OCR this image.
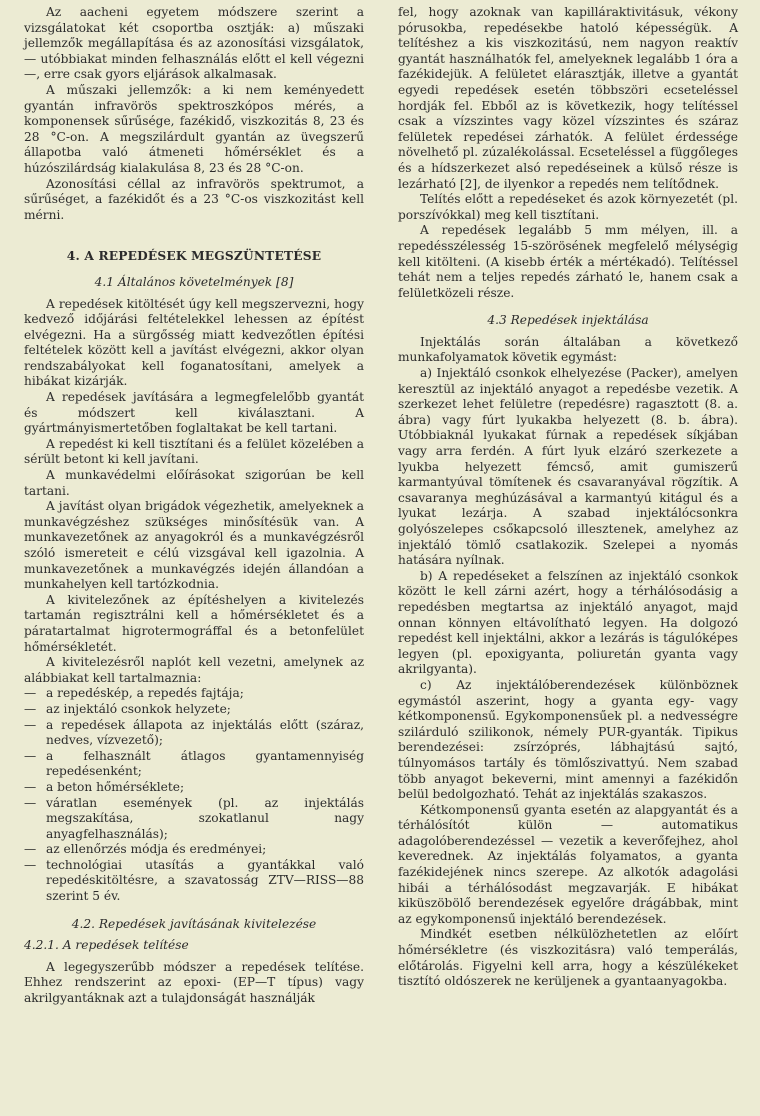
Az aacheni egyetem módszere szerint a vizsgálatokat két csoportba osztják: a) műszaki jellemzők megállapítása és az azonosítási vizsgálatok, — utóbbiakat minden felhasználás előtt el kell végezni —, erre csak gyors eljárások alkalmasak.

A műszaki jellemzők: a ki nem keményedett gyantán infravörös spektroszkópos mérés, a komponensek sűrűsége, fazékidő, viszkozitás 8, 23 és 28 °C-on. A megszilárdult gyantán az üvegszerű állapotba való átmeneti hőmérséklet és a húzószilárdság kialakulása 8, 23 és 28 °C-on.

Azonosítási céllal az infravörös spektrumot, a sűrűséget, a fazékidőt és a 23 °C-os viszkozitást kell mérni.

4. A REPEDÉSEK MEGSZÜNTETÉSE

4.1 Általános követelmények [8]

A repedések kitöltését úgy kell megszervezni, hogy kedvező időjárási feltételekkel lehessen az építést elvégezni. Ha a sürgősség miatt kedvezőtlen építési feltételek között kell a javítást elvégezni, akkor olyan rendszabályokat kell foganatosítani, amelyek a hibákat kizárják.

A repedések javítására a legmegfelelőbb gyantát és módszert kell kiválasztani. A gyártmányismertetőben foglaltakat be kell tartani.

A repedést ki kell tisztítani és a felület közelében a sérült betont ki kell javítani.

A munkavédelmi előírásokat szigorúan be kell tartani.

A javítást olyan brigádok végezhetik, amelyeknek a munkavégzéshez szükséges minősítésük van. A munkavezetőnek az anyagokról és a munkavégzésről szóló ismereteit e célú vizsgával kell igazolnia. A munkavezetőnek a munkavégzés idején állandóan a munkahelyen kell tartózkodnia.

A kivitelezőnek az építéshelyen a kivitelezés tartamán regisztrálni kell a hőmérsékletet és a páratartalmat higrotermográffal és a betonfelület hőmérsékletét.

A kivitelezésről naplót kell vezetni, amelynek az alábbiakat kell tartalmaznia:

— a repedéskép, a repedés fajtája;
— az injektáló csonkok helyzete;
— a repedések állapota az injektálás előtt (száraz, nedves, vízvezető);
— a felhasznált átlagos gyantamennyiség repedésenként;
— a beton hőmérséklete;
— váratlan események (pl. az injektálás megszakítása, szokatlanul nagy anyagfelhasználás);
— az ellenőrzés módja és eredményei;
— technológiai utasítás a gyantákkal való repedéskitöltésre, a szavatosság ZTV—RISS—88 szerint 5 év.

4.2. Repedések javításának kivitelezése

4.2.1. A repedések telítése

A legegyszerűbb módszer a repedések telítése. Ehhez rendszerint az epoxi- (EP—T típus) vagy akrilgyantáknak azt a tulajdonságát használják

fel, hogy azoknak van kapilláraktivitásuk, vékony pórusokba, repedésekbe hatoló képességük. A telítéshez a kis viszkozitású, nem nagyon reaktív gyantát használhatók fel, amelyeknek legalább 1 óra a fazékidejük. A felületet elárasztják, illetve a gyantát egyedi repedések esetén többszöri ecseteléssel hordják fel. Ebből az is következik, hogy telítéssel csak a vízszintes vagy közel vízszintes és száraz felületek repedései zárhatók. A felület érdessége növelhető pl. zúzalékolással. Ecseteléssel a függőleges és a hídszerkezet alsó repedéseinek a külső része is lezárható [2], de ilyenkor a repedés nem telítődnek.

Telítés előtt a repedéseket és azok környezetét (pl. porszívókkal) meg kell tisztítani.

A repedések legalább 5 mm mélyen, ill. a repedésszélesség 15-szörösének megfelelő mélységig kell kitölteni. (A kisebb érték a mértékadó). Telítéssel tehát nem a teljes repedés zárható le, hanem csak a felületközeli része.

4.3 Repedések injektálása

Injektálás során általában a következő munkafolyamatok követik egymást:

a) Injektáló csonkok elhelyezése (Packer), amelyen keresztül az injektáló anyagot a repedésbe vezetik. A szerkezet lehet felületre (repedésre) ragasztott (8. a. ábra) vagy fúrt lyukakba helyezett (8. b. ábra). Utóbbiaknál lyukakat fúrnak a repedések síkjában vagy arra ferdén. A fúrt lyuk elzáró szerkezete a lyukba helyezett fémcső, amit gumiszerű karmantyúval tömítenek és csavaranyával rögzítik. A csavaranya meghúzásával a karmantyú kitágul és a lyukat lezárja. A szabad injektálócsonkra golyószelepes csőkapcsoló illesztenek, amelyhez az injektáló tömlő csatlakozik. Szelepei a nyomás hatására nyílnak.

b) A repedéseket a felszínen az injektáló csonkok között le kell zárni azért, hogy a térhálósodásig a repedésben megtartsa az injektáló anyagot, majd onnan könnyen eltávolítható legyen. Ha dolgozó repedést kell injektálni, akkor a lezárás is tágulóképes legyen (pl. epoxigyanta, poliuretán gyanta vagy akrilgyanta).

c) Az injektálóberendezések különböznek egymástól aszerint, hogy a gyanta egy- vagy kétkomponensű. Egykomponensűek pl. a nedvességre szilárduló szilikonok, némely PUR-gyanták. Tipikus berendezései: zsírzóprés, lábhajtású sajtó, túlnyomásos tartály és tömlőszivattyú. Nem szabad több anyagot bekeverni, mint amennyi a fazékidőn belül bedolgozható. Tehát az injektálás szakaszos.

Kétkomponensű gyanta esetén az alapgyantát és a térhálósítót külön — automatikus adagolóberendezéssel — vezetik a keverőfejhez, ahol keverednek. Az injektálás folyamatos, a gyanta fazékidejének nincs szerepe. Az alkotók adagolási hibái a térhálósodást megzavarják. E hibákat kiküszöbölő berendezések egyelőre drágábbak, mint az egykomponensű injektáló berendezések.

Mindkét esetben nélkülözhetetlen az előírt hőmérsékletre (és viszkozitásra) való temperálás, előtárolás. Figyelni kell arra, hogy a készülékeket tisztító oldószerek ne kerüljenek a gyantaanyagokba.
